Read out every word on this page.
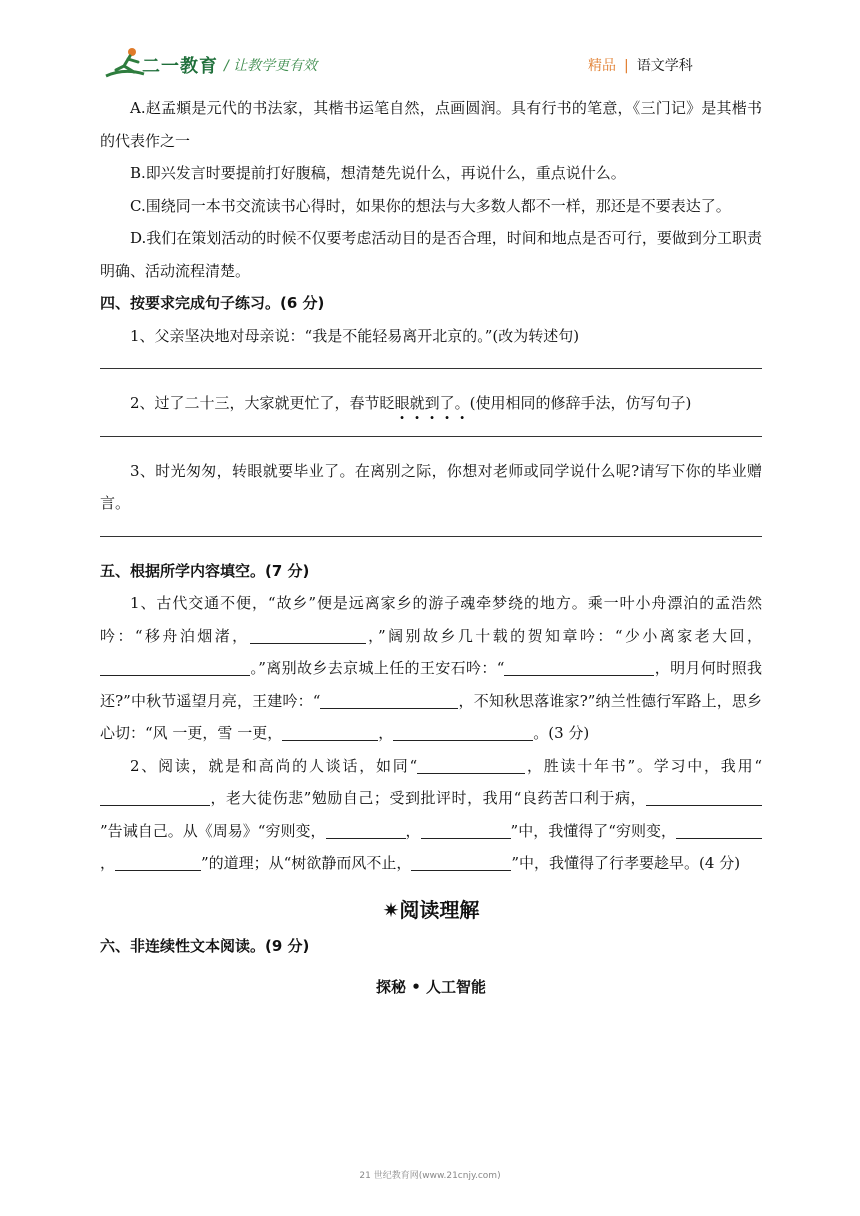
二一教育 / 让教学更有效	精品 | 语文学科

A.赵孟頫是元代的书法家，其楷书运笔自然，点画圆润。具有行书的笔意，《三门记》是其楷书的代表作之一

B.即兴发言时要提前打好腹稿，想清楚先说什么，再说什么，重点说什么。

C.围绕同一本书交流读书心得时，如果你的想法与大多数人都不一样，那还是不要表达了。

D.我们在策划活动的时候不仅要考虑活动目的是否合理，时间和地点是否可行，要做到分工职责明确、活动流程清楚。

四、按要求完成句子练习。(6 分)

1、父亲坚决地对母亲说：“我是不能轻易离开北京的。”(改为转述句)

2、过了二十三，大家就更忙了，春节眨眼就到了。(使用相同的修辞手法，仿写句子)

3、时光匆匆，转眼就要毕业了。在离别之际，你想对老师或同学说什么呢?请写下你的毕业赠言。

五、根据所学内容填空。(7 分)

1、古代交通不便，“故乡”便是远离家乡的游子魂牵梦绕的地方。乘一叶小舟漂泊的孟浩然吟：“移舟泊烟渚，	，”阔别故乡几十载的贺知章吟：“少小离家老大回，。”离别故乡去京城上任的王安石吟：“	，明月何时照我还?”中秋节遥望月亮，王建吟：“	，不知秋思落谁家?”纳兰性德行军路上，思乡心切：“风 一更，雪 一更，	，	。(3 分)

2、阅读，就是和高尚的人谈话，如同“	，胜读十年书”。学习中，我用“，老大徒伤悲”勉励自己；受到批评时，我用“良药苦口利于病，”告诫自己。从《周易》“穷则变，	，	”中，我懂得了“穷则变，，	”的道理；从“树欲静而风不止，	”中，我懂得了行孝要趁早。(4 分)

✷阅读理解

六、非连续性文本阅读。(9 分)

探秘 • 人工智能

21 世纪教育网(www.21cnjy.com)
